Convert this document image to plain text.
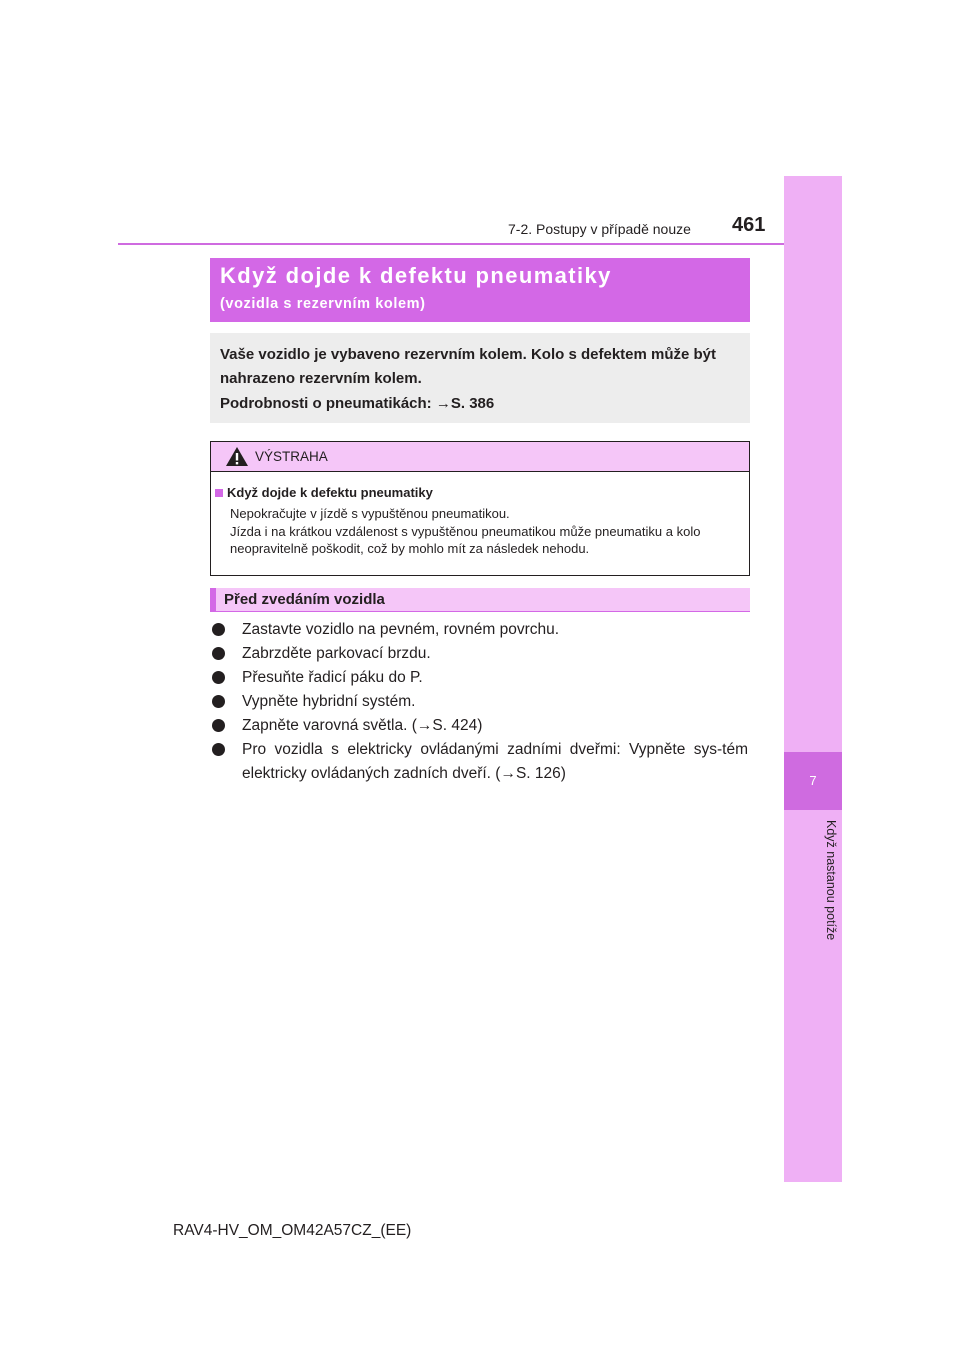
7
Když nastanou potíže
7-2. Postupy v případě nouze 461
Když dojde k defektu pneumatiky
(vozidla s rezervním kolem)
Vaše vozidlo je vybaveno rezervním kolem. Kolo s defektem může být nahrazeno rezervním kolem.
Podrobnosti o pneumatikách: →S. 386
VÝSTRAHA
Když dojde k defektu pneumatiky
Nepokračujte v jízdě s vypuštěnou pneumatikou.
Jízda i na krátkou vzdálenost s vypuštěnou pneumatikou může pneumatiku a kolo neopravitelně poškodit, což by mohlo mít za následek nehodu.
Před zvedáním vozidla
Zastavte vozidlo na pevném, rovném povrchu.
Zabrzděte parkovací brzdu.
Přesuňte řadicí páku do P.
Vypněte hybridní systém.
Zapněte varovná světla. (→S. 424)
Pro vozidla s elektricky ovládanými zadními dveřmi: Vypněte sys-tém elektricky ovládaných zadních dveří. (→S. 126)
RAV4-HV_OM_OM42A57CZ_(EE)
